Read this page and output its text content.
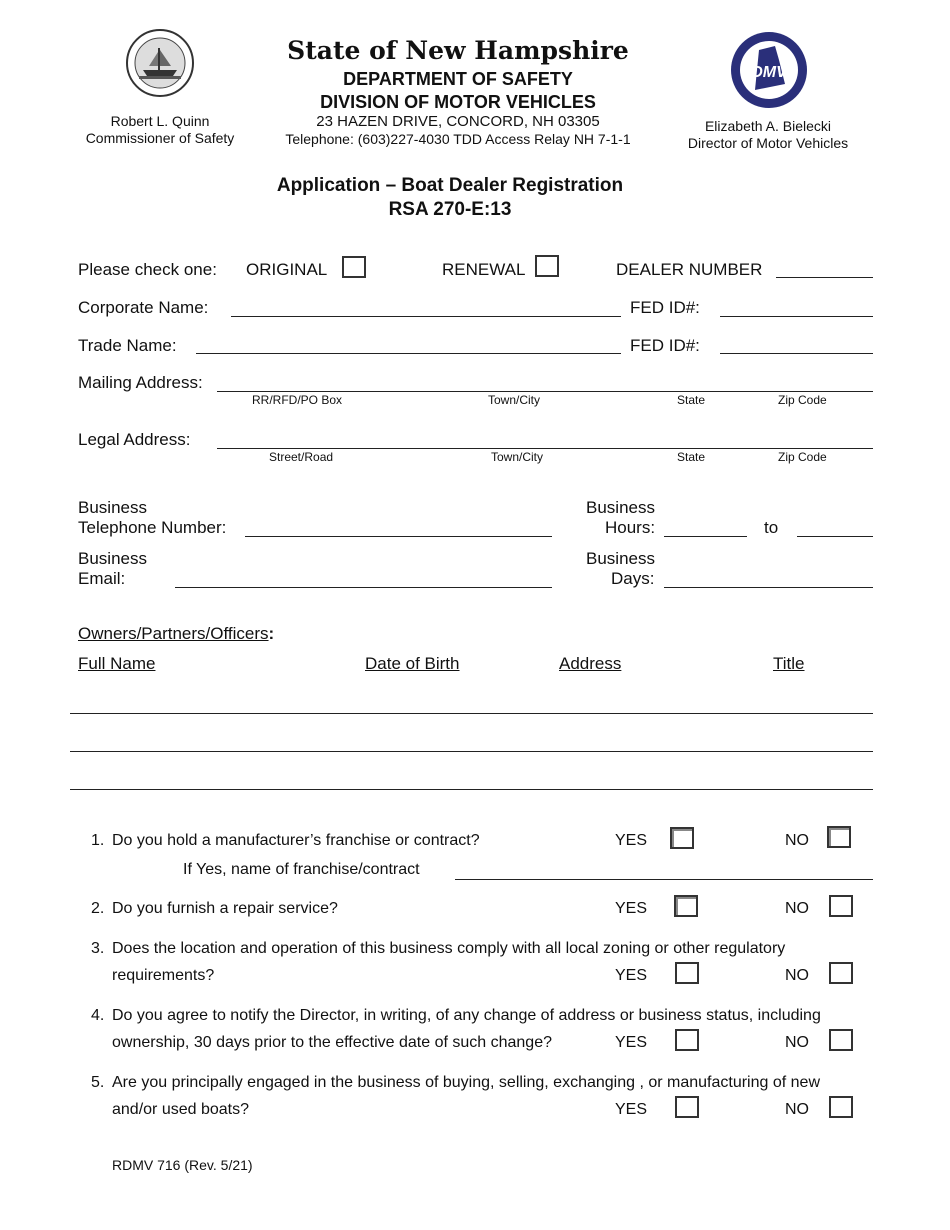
Robert L. Quinn
Commissioner of Safety
State of New Hampshire
DEPARTMENT OF SAFETY
DIVISION OF MOTOR VEHICLES
23 HAZEN DRIVE, CONCORD, NH 03305
Telephone: (603)227-4030 TDD Access Relay NH 7-1-1
DMV
Elizabeth A. Bielecki
Director of Motor Vehicles
Application – Boat Dealer Registration
RSA 270-E:13
Please check one: ORIGINAL	RENEWAL	DEALER NUMBER
Corporate Name:	FED ID#:
Trade Name:	FED ID#:
Mailing Address:
RR/RFD/PO Box	Town/City	State	Zip Code
Legal Address:
Street/Road	Town/City	State	Zip Code
Business
Telephone Number:
Business
Hours:	to
Business
Email:
Business
Days:
Owners/Partners/Officers:
Full Name	Date of Birth	Address	Title
1. Do you hold a manufacturer’s franchise or contract?	YES	NO
If Yes, name of franchise/contract
2. Do you furnish a repair service?	YES	NO
3. Does the location and operation of this business comply with all local zoning or other regulatory
requirements?	YES	NO
4. Do you agree to notify the Director, in writing, of any change of address or business status, including
ownership, 30 days prior to the effective date of such change?	YES	NO
5. Are you principally engaged in the business of buying, selling, exchanging , or manufacturing of new
and/or used boats?	YES	NO
RDMV 716 (Rev. 5/21)
